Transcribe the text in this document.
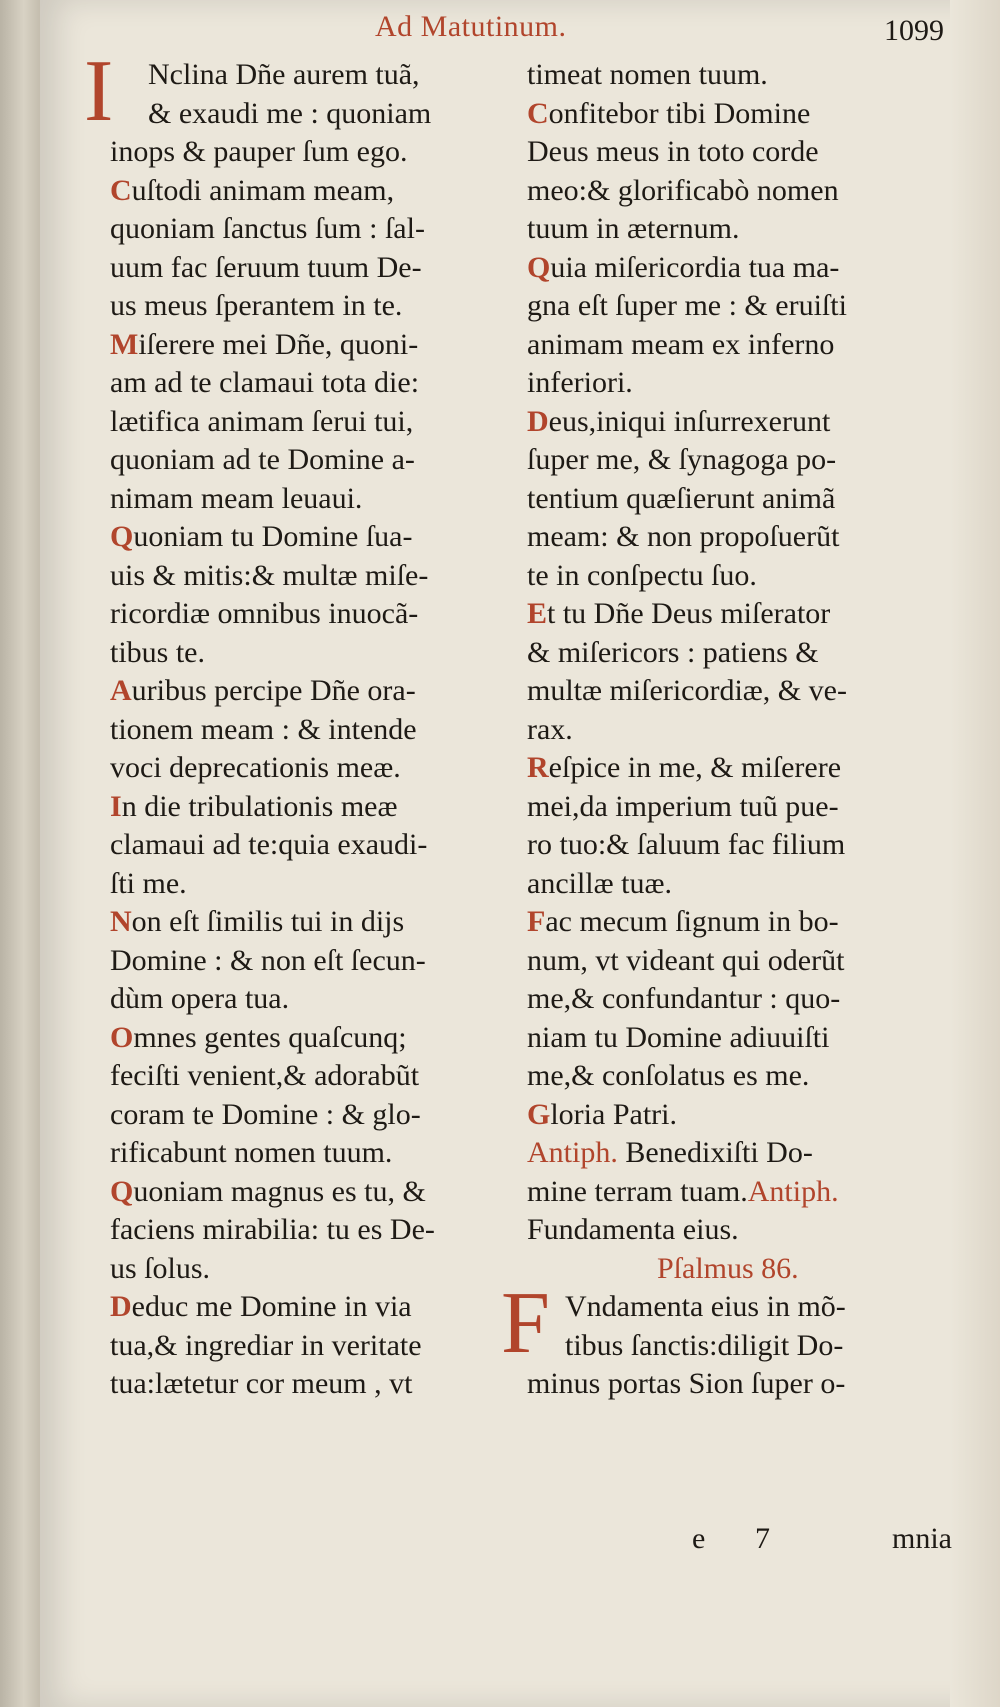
Ad Matutinum.	1099
I Nclina Dñe aurem tuã,
& exaudi me : quoniam
inops & pauper ſum ego.
Cuſtodi animam meam,
quoniam ſanctus ſum : ſal-
uum fac ſeruum tuum De-
us meus ſperantem in te.
Miſerere mei Dñe, quoni-
am ad te clamaui tota die:
lætifica animam ſerui tui,
quoniam ad te Domine a-
nimam meam leuaui.
Quoniam tu Domine ſua-
uis & mitis:& multæ miſe-
ricordiæ omnibus inuocã-
tibus te.
Auribus percipe Dñe ora-
tionem meam : & intende
voci deprecationis meæ.
In die tribulationis meæ
clamaui ad te:quia exaudi-
ſti me.
Non eſt ſimilis tui in dijs
Domine : & non eſt ſecun-
dùm opera tua.
Omnes gentes quaſcunq;
feciſti venient,& adorabũt
coram te Domine : & glo-
rificabunt nomen tuum.
Quoniam magnus es tu, &
faciens mirabilia: tu es De-
us ſolus.
Deduc me Domine in via
tua,& ingrediar in veritate
tua:lætetur cor meum , vt
timeat nomen tuum.
Confitebor tibi Domine
Deus meus in toto corde
meo:& glorificabò nomen
tuum in æternum.
Quia miſericordia tua ma-
gna eſt ſuper me : & eruiſti
animam meam ex inferno
inferiori.
Deus,iniqui inſurrexerunt
ſuper me, & ſynagoga po-
tentium quæſierunt animã
meam: & non propoſuerũt
te in conſpectu ſuo.
Et tu Dñe Deus miſerator
& miſericors : patiens &
multæ miſericordiæ, & ve-
rax.
Reſpice in me, & miſerere
mei,da imperium tuũ pue-
ro tuo:& ſaluum fac filium
ancillæ tuæ.
Fac mecum ſignum in bo-
num, vt videant qui oderũt
me,& confundantur : quo-
niam tu Domine adiuuiſti
me,& conſolatus es me.
Gloria Patri.
Antiph. Benedixiſti Do-
mine terram tuam.Antiph.
Fundamenta eius.
Pſalmus 86.
F Vndamenta eius in mõ-
tibus ſanctis:diligit Do-
minus portas Sion ſuper o-
e 7	mnia
